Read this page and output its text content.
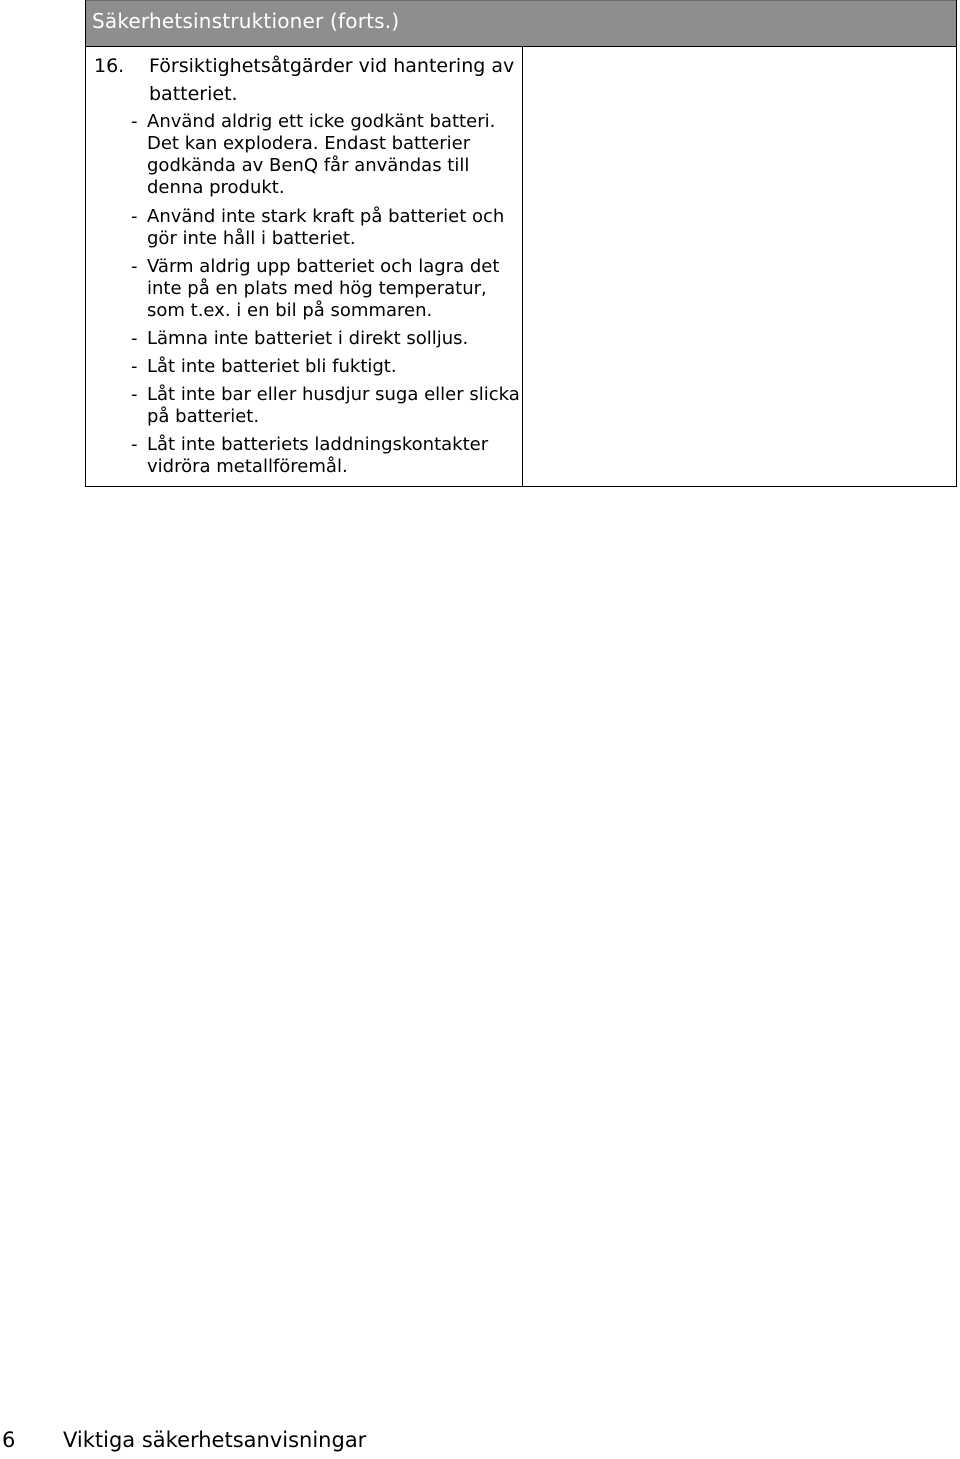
Säkerhetsinstruktioner (forts.)
16. Försiktighetsåtgärder vid hantering av
batteriet.
- Använd aldrig ett icke godkänt batteri. Det kan explodera. Endast batterier godkända av BenQ får användas till denna produkt.
- Använd inte stark kraft på batteriet och gör inte håll i batteriet.
- Värm aldrig upp batteriet och lagra det inte på en plats med hög temperatur, som t.ex. i en bil på sommaren.
- Lämna inte batteriet i direkt solljus.
- Låt inte batteriet bli fuktigt.
- Låt inte bar eller husdjur suga eller slicka på batteriet.
- Låt inte batteriets laddningskontakter vidröra metallföremål.
6 Viktiga säkerhetsanvisningar
